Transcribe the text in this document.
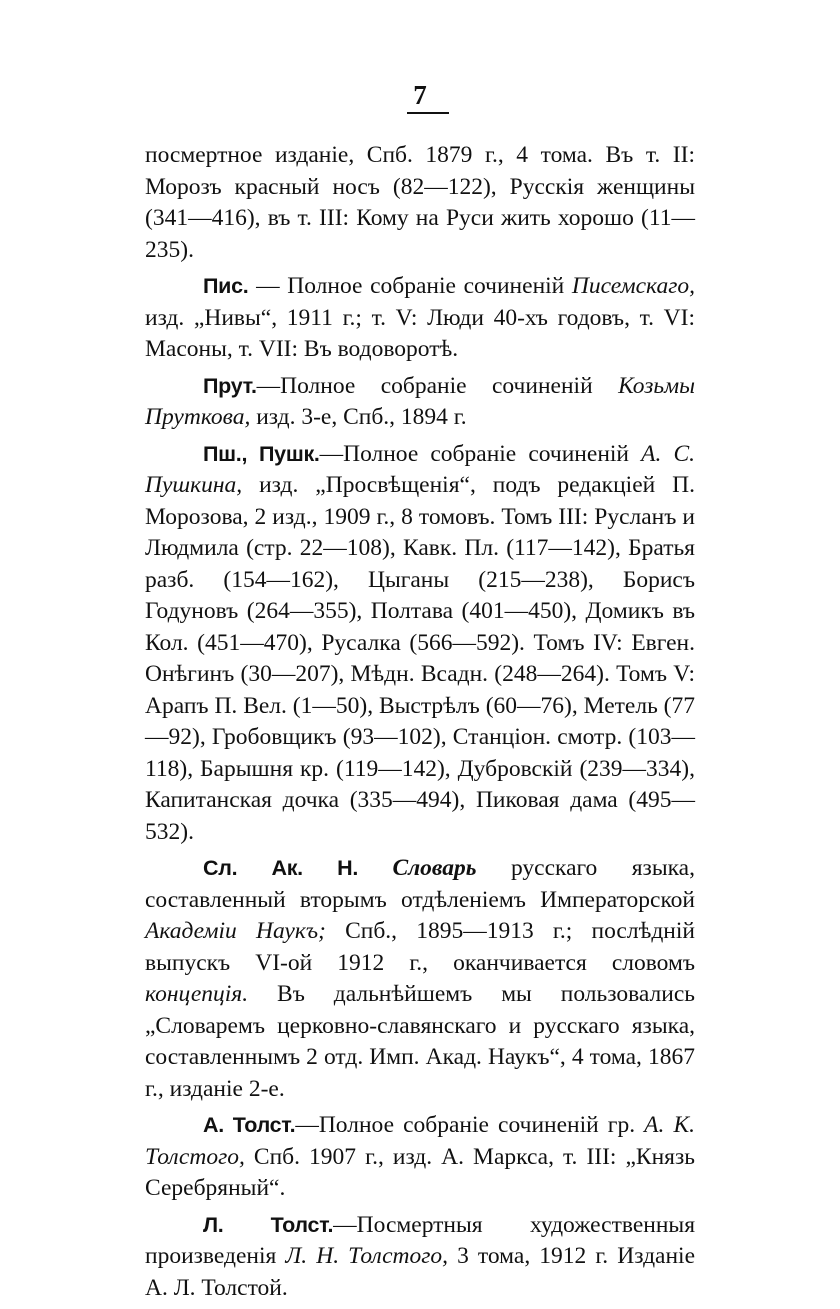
7

посмертное изданіе, Спб. 1879 г., 4 тома. Въ т. II: Морозъ красный носъ (82—122), Русскія женщины (341—416), въ т. III: Кому на Руси жить хорошо (11—235).

Пис. — Полное собраніе сочиненій Писемскаго, изд. „Нивы“, 1911 г.; т. V: Люди 40-хъ годовъ, т. VI: Масоны, т. VII: Въ водоворотѣ.

Прут.—Полное собраніе сочиненій Козьмы Пруткова, изд. 3-е, Спб., 1894 г.

Пш., Пушк.—Полное собраніе сочиненій А. С. Пушкина, изд. „Просвѣщенія“, подъ редакціей П. Морозова, 2 изд., 1909 г., 8 томовъ. Томъ III: Русланъ и Людмила (стр. 22—108), Кавк. Пл. (117—142), Братья разб. (154—162), Цыганы (215—238), Борисъ Годуновъ (264—355), Полтава (401—450), Домикъ въ Кол. (451—470), Русалка (566—592). Томъ IV: Евген. Онѣгинъ (30—207), Мѣдн. Всадн. (248—264). Томъ V: Арапъ П. Вел. (1—50), Выстрѣлъ (60—76), Метель (77—92), Гробовщикъ (93—102), Станціон. смотр. (103—118), Барышня кр. (119—142), Дубровскій (239—334), Капитанская дочка (335—494), Пиковая дама (495—532).

Сл. Ак. Н. Словарь русскаго языка, составленный вторымъ отдѣленіемъ Императорской Академіи Наукъ; Спб., 1895—1913 г.; послѣдній выпускъ VI-ой 1912 г., оканчивается словомъ концепція. Въ дальнѣйшемъ мы пользовались „Словаремъ церковно-славянскаго и русскаго языка, составленнымъ 2 отд. Имп. Акад. Наукъ“, 4 тома, 1867 г., изданіе 2-е.

А. Толст.—Полное собраніе сочиненій гр. А. К. Толстого, Спб. 1907 г., изд. А. Маркса, т. III: „Князь Серебряный“.

Л. Толст.—Посмертныя художественныя произведенія Л. Н. Толстого, 3 тома, 1912 г. Изданіе А. Л. Толстой.
